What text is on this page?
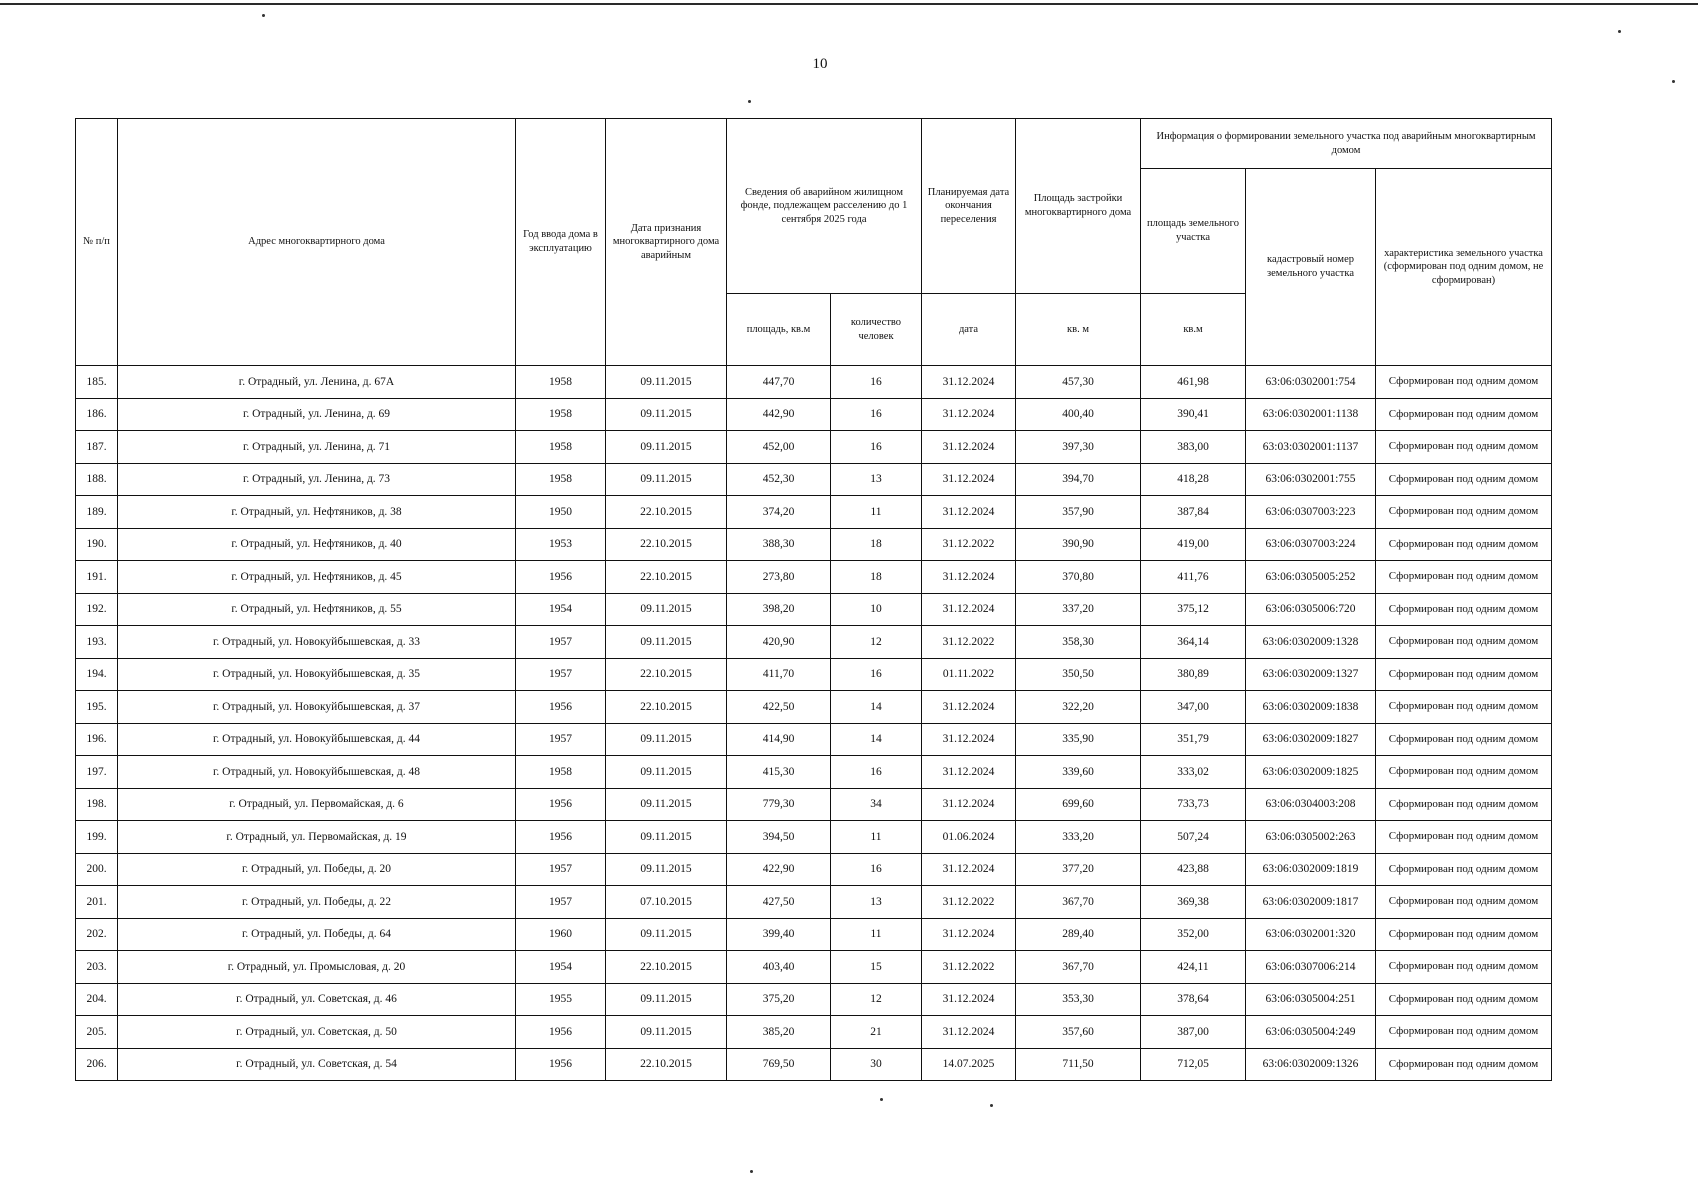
10
№ п/п	Адрес многоквартирного дома	Год ввода дома в эксплуатацию	Дата признания многоквартирного дома аварийным	Сведения об аварийном жилищном фонде, подлежащем расселению до 1 сентября 2025 года		Планируемая дата окончания переселения	Площадь застройки многоквартирного дома	Информация о формировании земельного участка под аварийным многоквартирным домом		
								площадь земельного участка	кадастровый номер земельного участка	характеристика земельного участка (сформирован под одним домом, не сформирован)
				площадь, кв.м	количество человек	дата	кв. м	кв.м		
185.	г. Отрадный, ул. Ленина, д. 67А	1958	09.11.2015	447,70	16	31.12.2024	457,30	461,98	63:06:0302001:754	Сформирован под одним домом
186.	г. Отрадный, ул. Ленина, д. 69	1958	09.11.2015	442,90	16	31.12.2024	400,40	390,41	63:06:0302001:1138	Сформирован под одним домом
187.	г. Отрадный, ул. Ленина, д. 71	1958	09.11.2015	452,00	16	31.12.2024	397,30	383,00	63:03:0302001:1137	Сформирован под одним домом
188.	г. Отрадный, ул. Ленина, д. 73	1958	09.11.2015	452,30	13	31.12.2024	394,70	418,28	63:06:0302001:755	Сформирован под одним домом
189.	г. Отрадный, ул. Нефтяников, д. 38	1950	22.10.2015	374,20	11	31.12.2024	357,90	387,84	63:06:0307003:223	Сформирован под одним домом
190.	г. Отрадный, ул. Нефтяников, д. 40	1953	22.10.2015	388,30	18	31.12.2022	390,90	419,00	63:06:0307003:224	Сформирован под одним домом
191.	г. Отрадный, ул. Нефтяников, д. 45	1956	22.10.2015	273,80	18	31.12.2024	370,80	411,76	63:06:0305005:252	Сформирован под одним домом
192.	г. Отрадный, ул. Нефтяников, д. 55	1954	09.11.2015	398,20	10	31.12.2024	337,20	375,12	63:06:0305006:720	Сформирован под одним домом
193.	г. Отрадный, ул. Новокуйбышевская, д. 33	1957	09.11.2015	420,90	12	31.12.2022	358,30	364,14	63:06:0302009:1328	Сформирован под одним домом
194.	г. Отрадный, ул. Новокуйбышевская, д. 35	1957	22.10.2015	411,70	16	01.11.2022	350,50	380,89	63:06:0302009:1327	Сформирован под одним домом
195.	г. Отрадный, ул. Новокуйбышевская, д. 37	1956	22.10.2015	422,50	14	31.12.2024	322,20	347,00	63:06:0302009:1838	Сформирован под одним домом
196.	г. Отрадный, ул. Новокуйбышевская, д. 44	1957	09.11.2015	414,90	14	31.12.2024	335,90	351,79	63:06:0302009:1827	Сформирован под одним домом
197.	г. Отрадный, ул. Новокуйбышевская, д. 48	1958	09.11.2015	415,30	16	31.12.2024	339,60	333,02	63:06:0302009:1825	Сформирован под одним домом
198.	г. Отрадный, ул. Первомайская, д. 6	1956	09.11.2015	779,30	34	31.12.2024	699,60	733,73	63:06:0304003:208	Сформирован под одним домом
199.	г. Отрадный, ул. Первомайская, д. 19	1956	09.11.2015	394,50	11	01.06.2024	333,20	507,24	63:06:0305002:263	Сформирован под одним домом
200.	г. Отрадный, ул. Победы, д. 20	1957	09.11.2015	422,90	16	31.12.2024	377,20	423,88	63:06:0302009:1819	Сформирован под одним домом
201.	г. Отрадный, ул. Победы, д. 22	1957	07.10.2015	427,50	13	31.12.2022	367,70	369,38	63:06:0302009:1817	Сформирован под одним домом
202.	г. Отрадный, ул. Победы, д. 64	1960	09.11.2015	399,40	11	31.12.2024	289,40	352,00	63:06:0302001:320	Сформирован под одним домом
203.	г. Отрадный, ул. Промысловая, д. 20	1954	22.10.2015	403,40	15	31.12.2022	367,70	424,11	63:06:0307006:214	Сформирован под одним домом
204.	г. Отрадный, ул. Советская, д. 46	1955	09.11.2015	375,20	12	31.12.2024	353,30	378,64	63:06:0305004:251	Сформирован под одним домом
205.	г. Отрадный, ул. Советская, д. 50	1956	09.11.2015	385,20	21	31.12.2024	357,60	387,00	63:06:0305004:249	Сформирован под одним домом
206.	г. Отрадный, ул. Советская, д. 54	1956	22.10.2015	769,50	30	14.07.2025	711,50	712,05	63:06:0302009:1326	Сформирован под одним домом
